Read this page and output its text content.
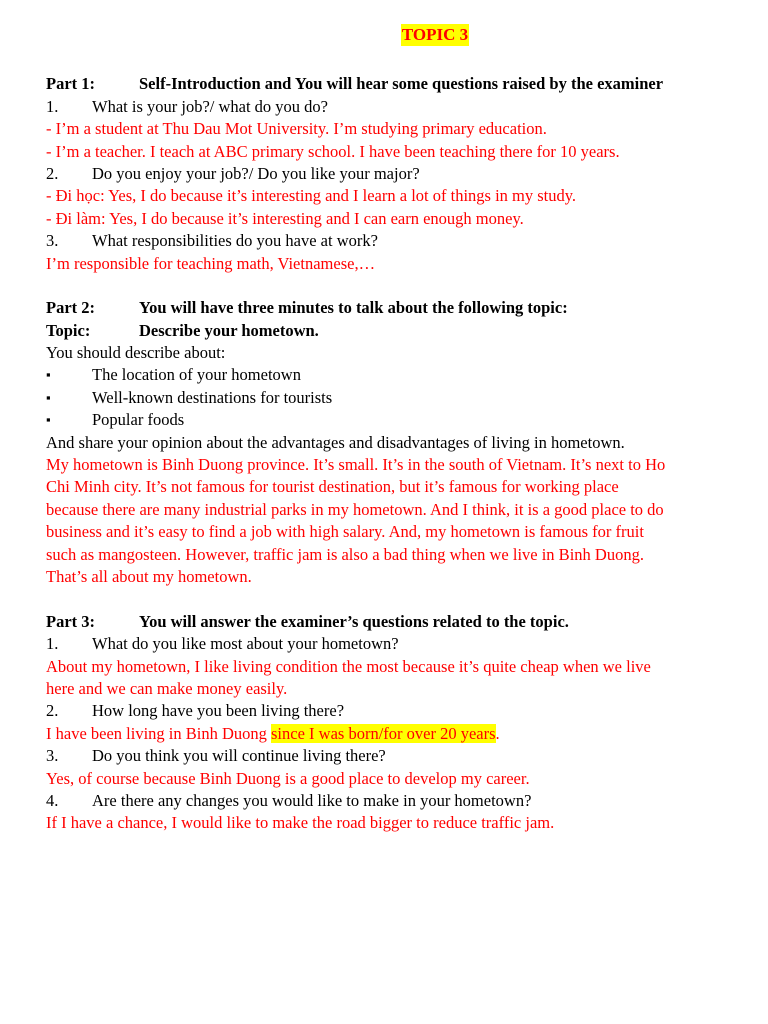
TOPIC 3
Part 1:	Self-Introduction and You will hear some questions raised by the examiner
1. What is your job?/ what do you do?
- I’m a student at Thu Dau Mot University. I’m studying primary education.
- I’m a teacher. I teach at ABC primary school. I have been teaching there for 10 years.
2. Do you enjoy your job?/ Do you like your major?
- Đi học: Yes, I do because it’s interesting and I learn a lot of things in my study.
- Đi làm: Yes, I do because it’s interesting and I can earn enough money.
3. What responsibilities do you have at work?
I’m responsible for teaching math, Vietnamese,…
Part 2:	You will have three minutes to talk about the following topic:
Topic:	Describe your hometown.
You should describe about:
▪	The location of your hometown
▪	Well-known destinations for tourists
▪	Popular foods
And share your opinion about the advantages and disadvantages of living in hometown.
My hometown is Binh Duong province. It’s small. It’s in the south of Vietnam. It’s next to Ho
Chi Minh city. It’s not famous for tourist destination, but it’s famous for working place
because there are many industrial parks in my hometown. And I think, it is a good place to do
business and it’s easy to find a job with high salary. And, my hometown is famous for fruit
such as mangosteen. However, traffic jam is also a bad thing when we live in Binh Duong.
That’s all about my hometown.
Part 3:	You will answer the examiner’s questions related to the topic.
1. What do you like most about your hometown?
About my hometown, I like living condition the most because it’s quite cheap when we live
here and we can make money easily.
2. How long have you been living there?
I have been living in Binh Duong since I was born/for over 20 years.
3. Do you think you will continue living there?
Yes, of course because Binh Duong is a good place to develop my career.
4. Are there any changes you would like to make in your hometown?
If I have a chance, I would like to make the road bigger to reduce traffic jam.
